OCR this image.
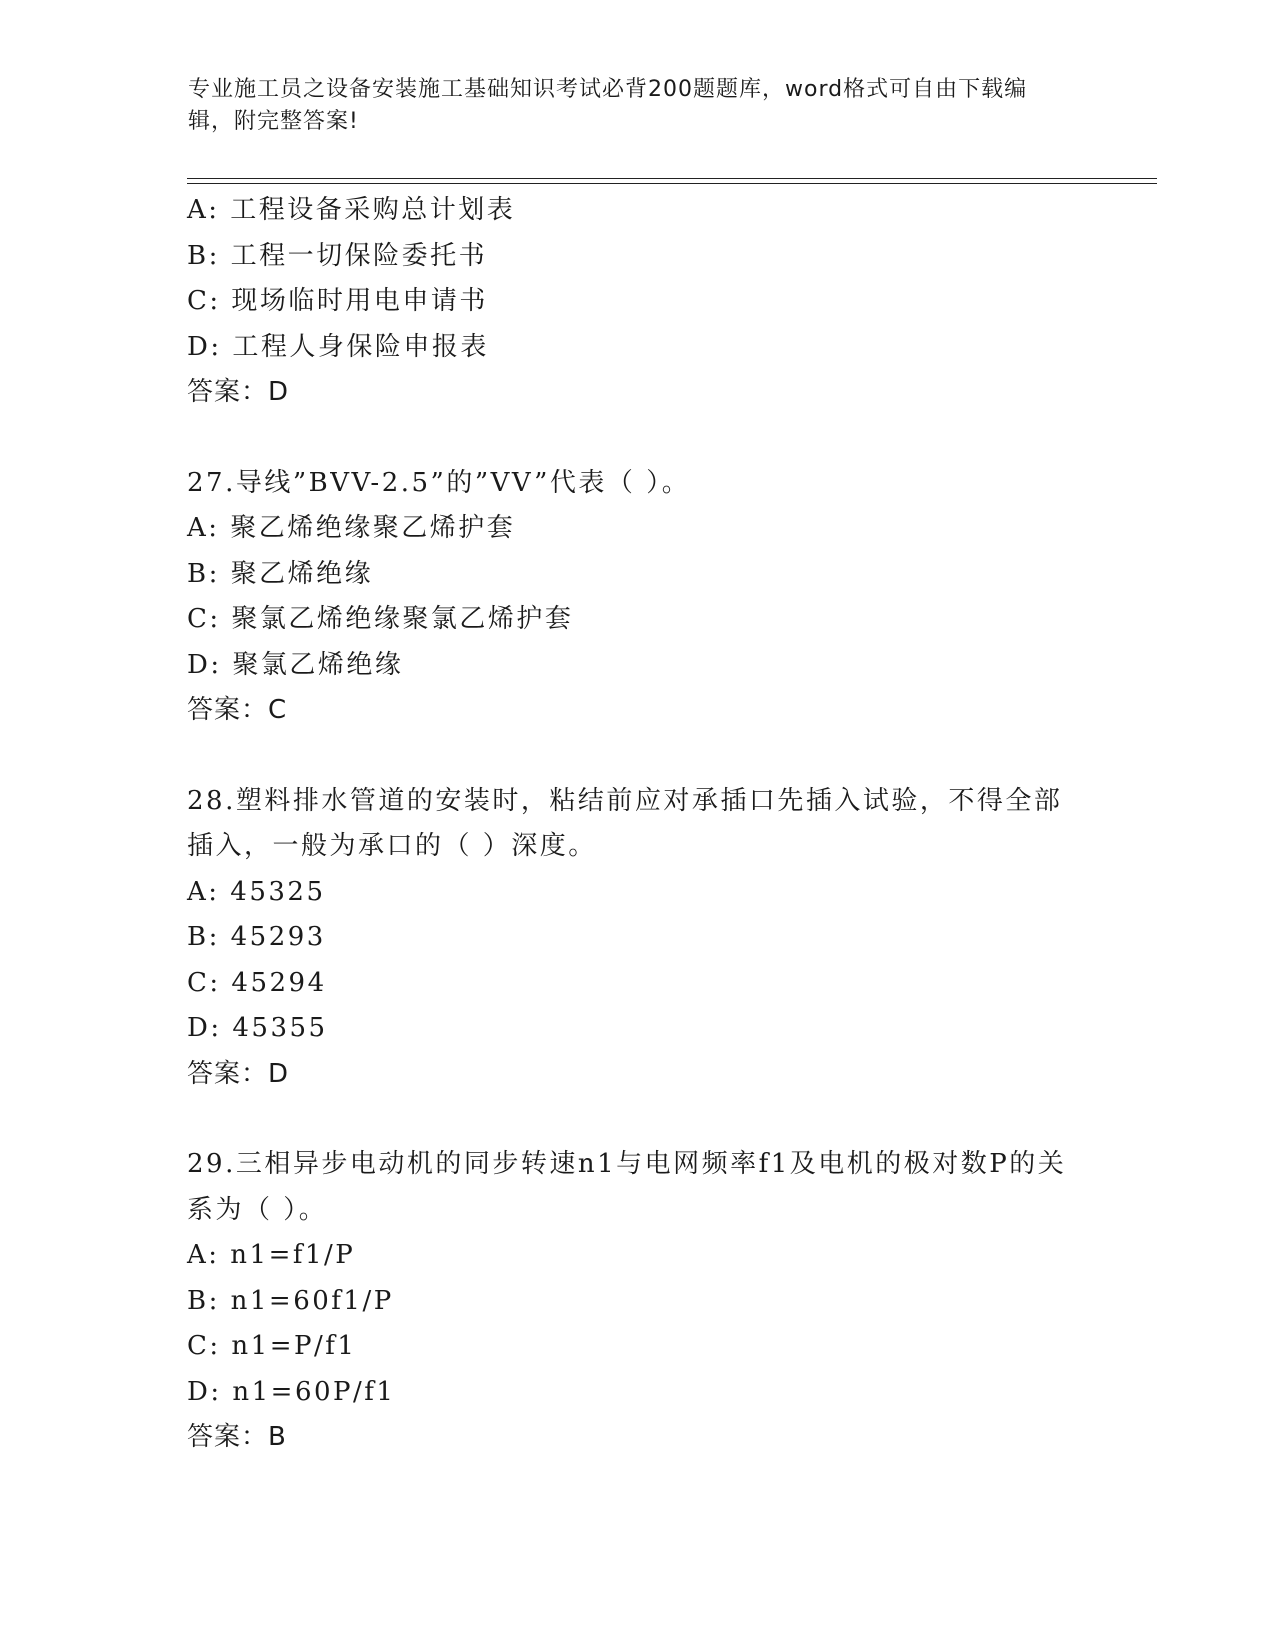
专业施工员之设备安装施工基础知识考试必背200题题库，word格式可自由下载编辑，附完整答案!
A: 工程设备采购总计划表
B: 工程一切保险委托书
C: 现场临时用电申请书
D: 工程人身保险申报表
答案：D
27.导线”BVV-2.5”的”VV”代表（ ）。
A: 聚乙烯绝缘聚乙烯护套
B: 聚乙烯绝缘
C: 聚氯乙烯绝缘聚氯乙烯护套
D: 聚氯乙烯绝缘
答案：C
28.塑料排水管道的安装时，粘结前应对承插口先插入试验，不得全部插入，一般为承口的（ ）深度。
A: 45325
B: 45293
C: 45294
D: 45355
答案：D
29.三相异步电动机的同步转速n1与电网频率f1及电机的极对数P的关系为（ ）。
A: n1=f1/P
B: n1=60f1/P
C: n1=P/f1
D: n1=60P/f1
答案：B
